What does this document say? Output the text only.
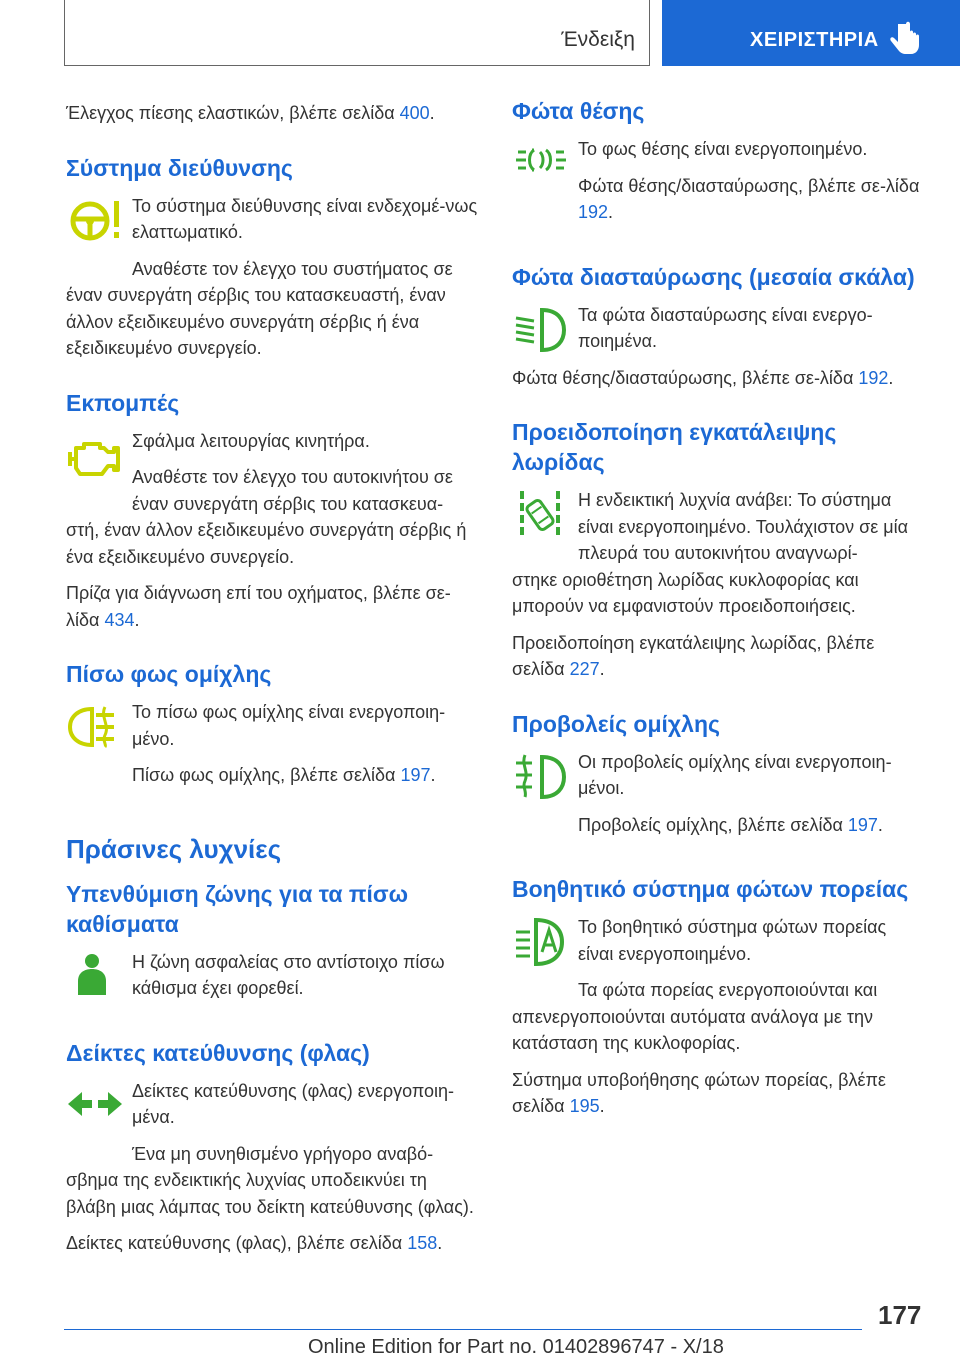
Ένδειξη	ΧΕΙΡΙΣΤΗΡΙΑ

Έλεγχος πίεσης ελαστικών, βλέπε σελίδα 400.

Σύστημα διεύθυνσης

Το σύστημα διεύθυνσης είναι ενδεχομέ-νως ελαττωματικό.

Αναθέστε τον έλεγχο του συστήματος σε

έναν συνεργάτη σέρβις του κατασκευαστή, έναν άλλον εξειδικευμένο συνεργάτη σέρβις ή ένα εξειδικευμένο συνεργείο.

Εκπομπές

Σφάλμα λειτουργίας κινητήρα.

Αναθέστε τον έλεγχο του αυτοκινήτου σε έναν συνεργάτη σέρβις του κατασκευα-

στή, έναν άλλον εξειδικευμένο συνεργάτη σέρβις ή ένα εξειδικευμένο συνεργείο.

Πρίζα για διάγνωση επί του οχήματος, βλέπε σε-λίδα 434.

Πίσω φως ομίχλης

Το πίσω φως ομίχλης είναι ενεργοποιη-μένο.

Πίσω φως ομίχλης, βλέπε σελίδα 197.

Πράσινες λυχνίες
Υπενθύμιση ζώνης για τα πίσω καθίσματα

Η ζώνη ασφαλείας στο αντίστοιχο πίσω κάθισμα έχει φορεθεί.

Δείκτες κατεύθυνσης (φλας)

Δείκτες κατεύθυνσης (φλας) ενεργοποιη-μένα.

Ένα μη συνηθισμένο γρήγορο αναβό-

σβημα της ενδεικτικής λυχνίας υποδεικνύει τη βλάβη μιας λάμπας του δείκτη κατεύθυνσης (φλας).

Δείκτες κατεύθυνσης (φλας), βλέπε σελίδα 158.

Φώτα θέσης

Το φως θέσης είναι ενεργοποιημένο.

Φώτα θέσης/διασταύρωσης, βλέπε σε-λίδα 192.

Φώτα διασταύρωσης (μεσαία σκάλα)

Τα φώτα διασταύρωσης είναι ενεργο-ποιημένα.

Φώτα θέσης/διασταύρωσης, βλέπε σε-λίδα 192.

Προειδοποίηση εγκατάλειψης λωρίδας

Η ενδεικτική λυχνία ανάβει: Το σύστημα είναι ενεργοποιημένο. Τουλάχιστον σε μία πλευρά του αυτοκινήτου αναγνωρί-

στηκε οριοθέτηση λωρίδας κυκλοφορίας και μπορούν να εμφανιστούν προειδοποιήσεις.

Προειδοποίηση εγκατάλειψης λωρίδας, βλέπε σελίδα 227.

Προβολείς ομίχλης

Οι προβολείς ομίχλης είναι ενεργοποιη-μένοι.

Προβολείς ομίχλης, βλέπε σελίδα 197.

Βοηθητικό σύστημα φώτων πορείας

Το βοηθητικό σύστημα φώτων πορείας είναι ενεργοποιημένο.

Τα φώτα πορείας ενεργοποιούνται και

απενεργοποιούνται αυτόματα ανάλογα με την κατάσταση της κυκλοφορίας.

Σύστημα υποβοήθησης φώτων πορείας, βλέπε σελίδα 195.

177
Online Edition for Part no. 01402896747 - X/18
